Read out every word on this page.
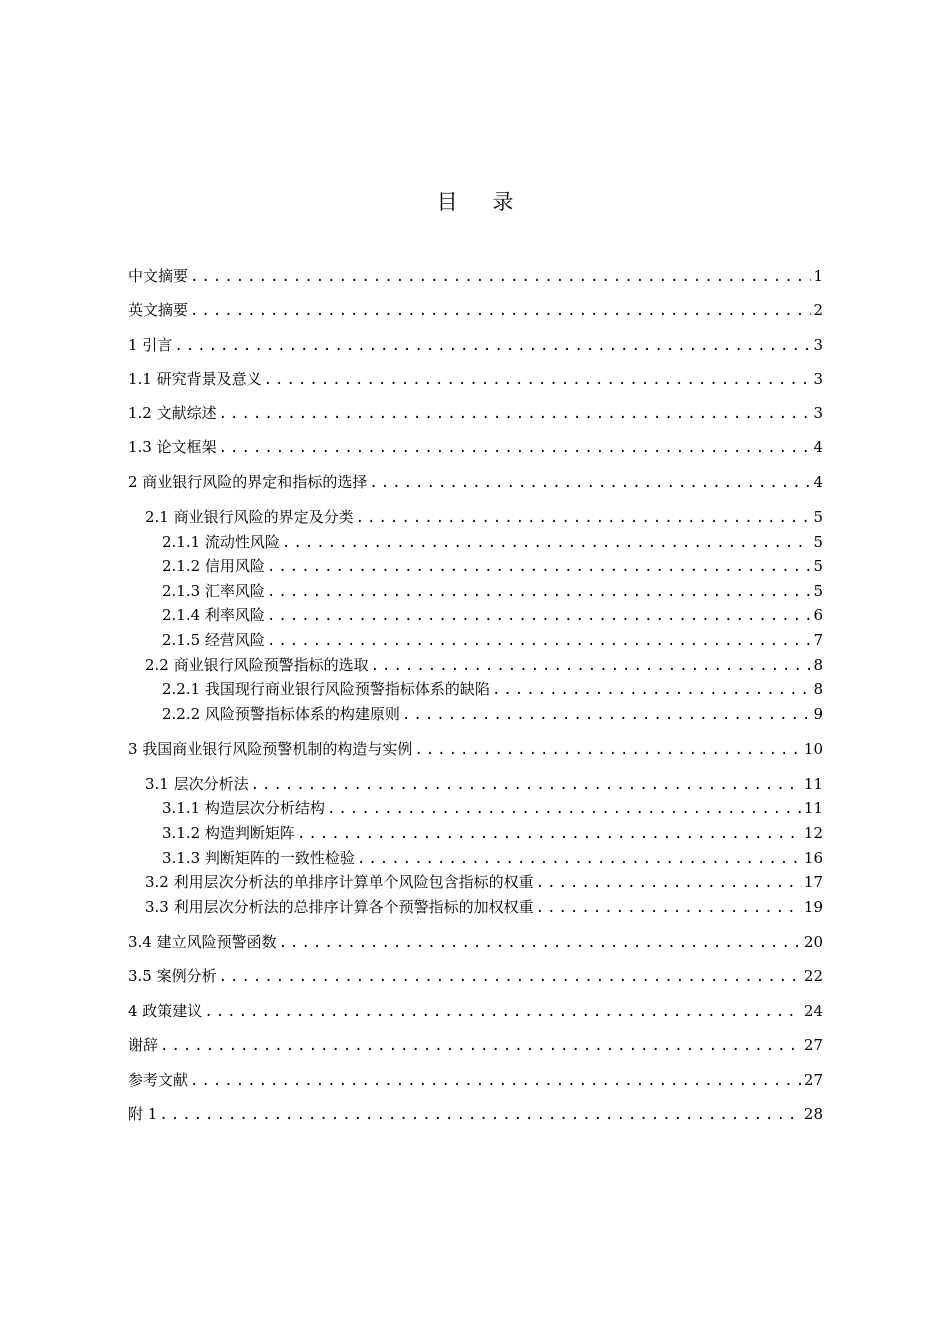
目 录
中文摘要 .....	1
英文摘要 .....	2
1 引言 .....	3
1.1 研究背景及意义 .....	3
1.2 文献综述 .....	3
1.3 论文框架 .....	4
2 商业银行风险的界定和指标的选择 .....	4
2.1 商业银行风险的界定及分类 .....	5
2.1.1 流动性风险 .....	5
2.1.2 信用风险 .....	5
2.1.3 汇率风险 .....	5
2.1.4 利率风险 .....	6
2.1.5 经营风险 .....	7
2.2 商业银行风险预警指标的选取 .....	8
2.2.1 我国现行商业银行风险预警指标体系的缺陷 .....	8
2.2.2 风险预警指标体系的构建原则 .....	9
3 我国商业银行风险预警机制的构造与实例 .....	10
3.1 层次分析法 .....	11
3.1.1 构造层次分析结构 .....	11
3.1.2 构造判断矩阵 .....	12
3.1.3 判断矩阵的一致性检验 .....	16
3.2 利用层次分析法的单排序计算单个风险包含指标的权重 .....	17
3.3 利用层次分析法的总排序计算各个预警指标的加权权重 .....	19
3.4 建立风险预警函数 .....	20
3.5 案例分析 .....	22
4 政策建议 .....	24
谢辞 .....	27
参考文献 .....	27
附 1 .....	28
